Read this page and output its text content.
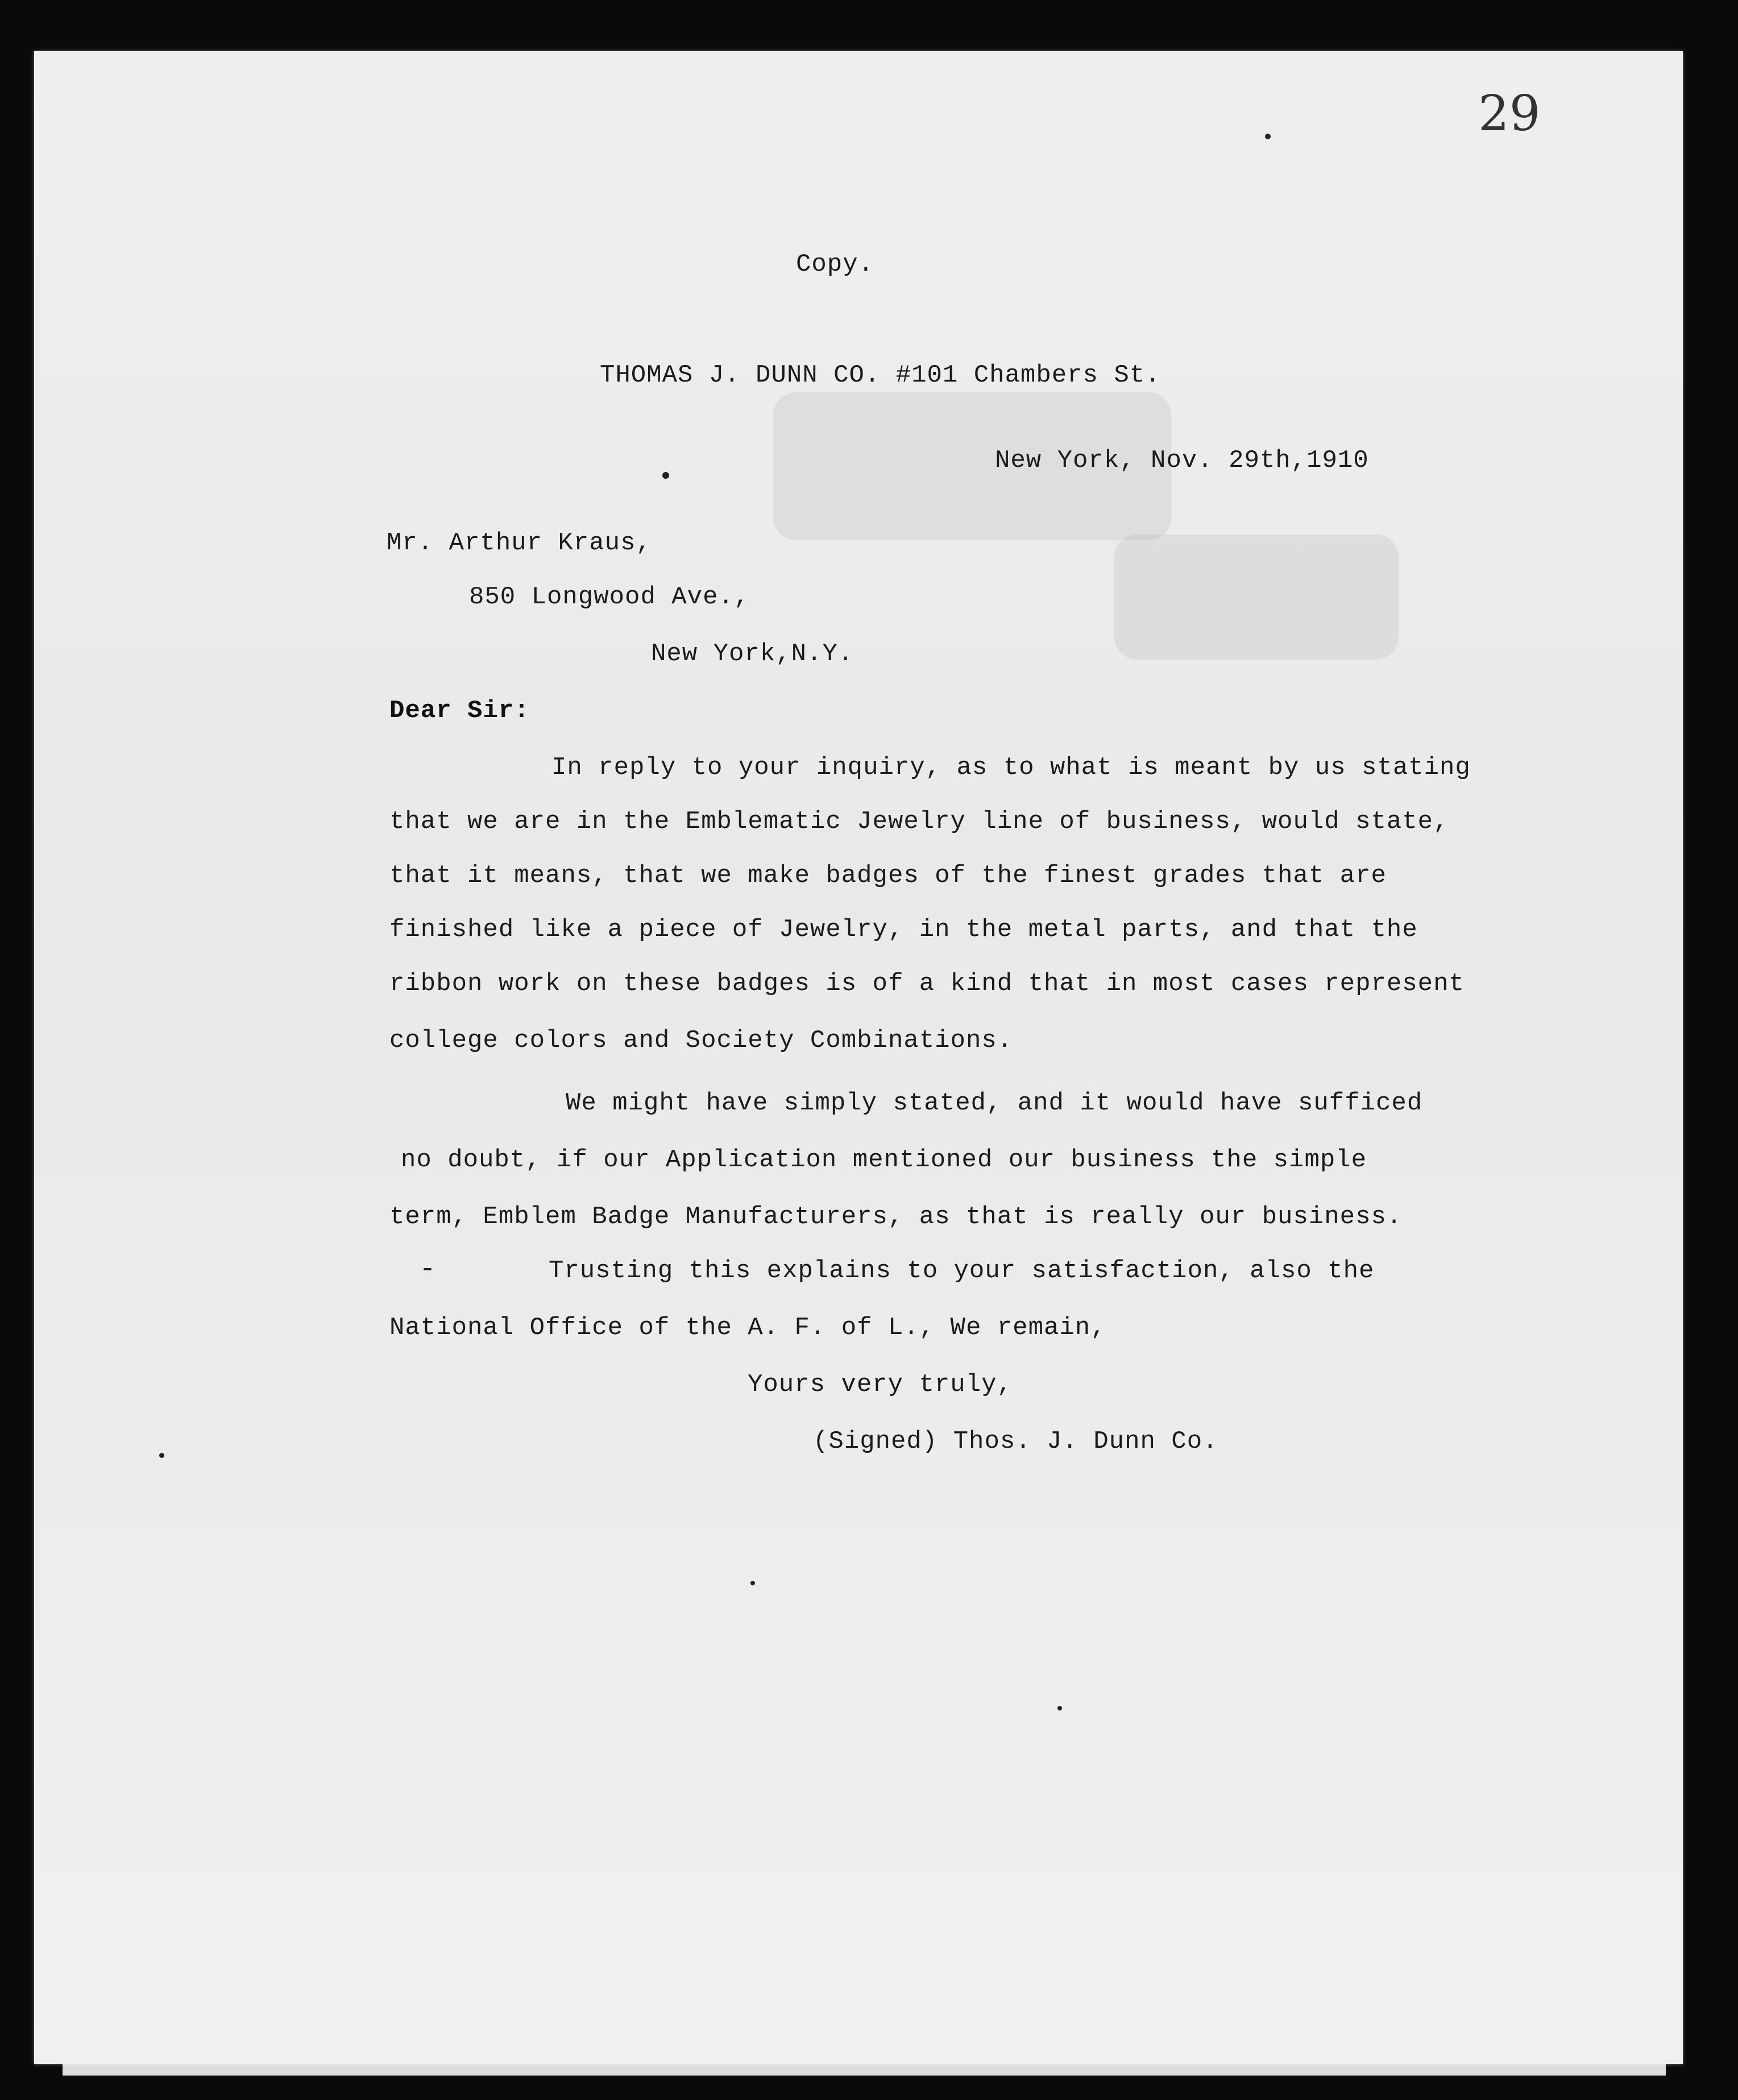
29
Copy.
THOMAS J. DUNN CO. #101 Chambers St.
New York, Nov. 29th,1910
Mr. Arthur Kraus,
850 Longwood Ave.,
New York,N.Y.
Dear Sir:
In reply to your inquiry, as to what is meant by us stating
that we are in the Emblematic Jewelry line of business, would state,
that it means, that we make badges of the finest grades that are
finished like a piece of Jewelry, in the metal parts, and that the
ribbon work on these badges is of a kind that in most cases represent
college colors and Society Combinations.
We might have simply stated, and it would have sufficed
no doubt, if our Application mentioned our business the simple
term, Emblem Badge Manufacturers, as that is really our business.
Trusting this explains to your satisfaction, also the
National Office of the A. F. of L., We remain,
Yours very truly,
(Signed) Thos. J. Dunn Co.
